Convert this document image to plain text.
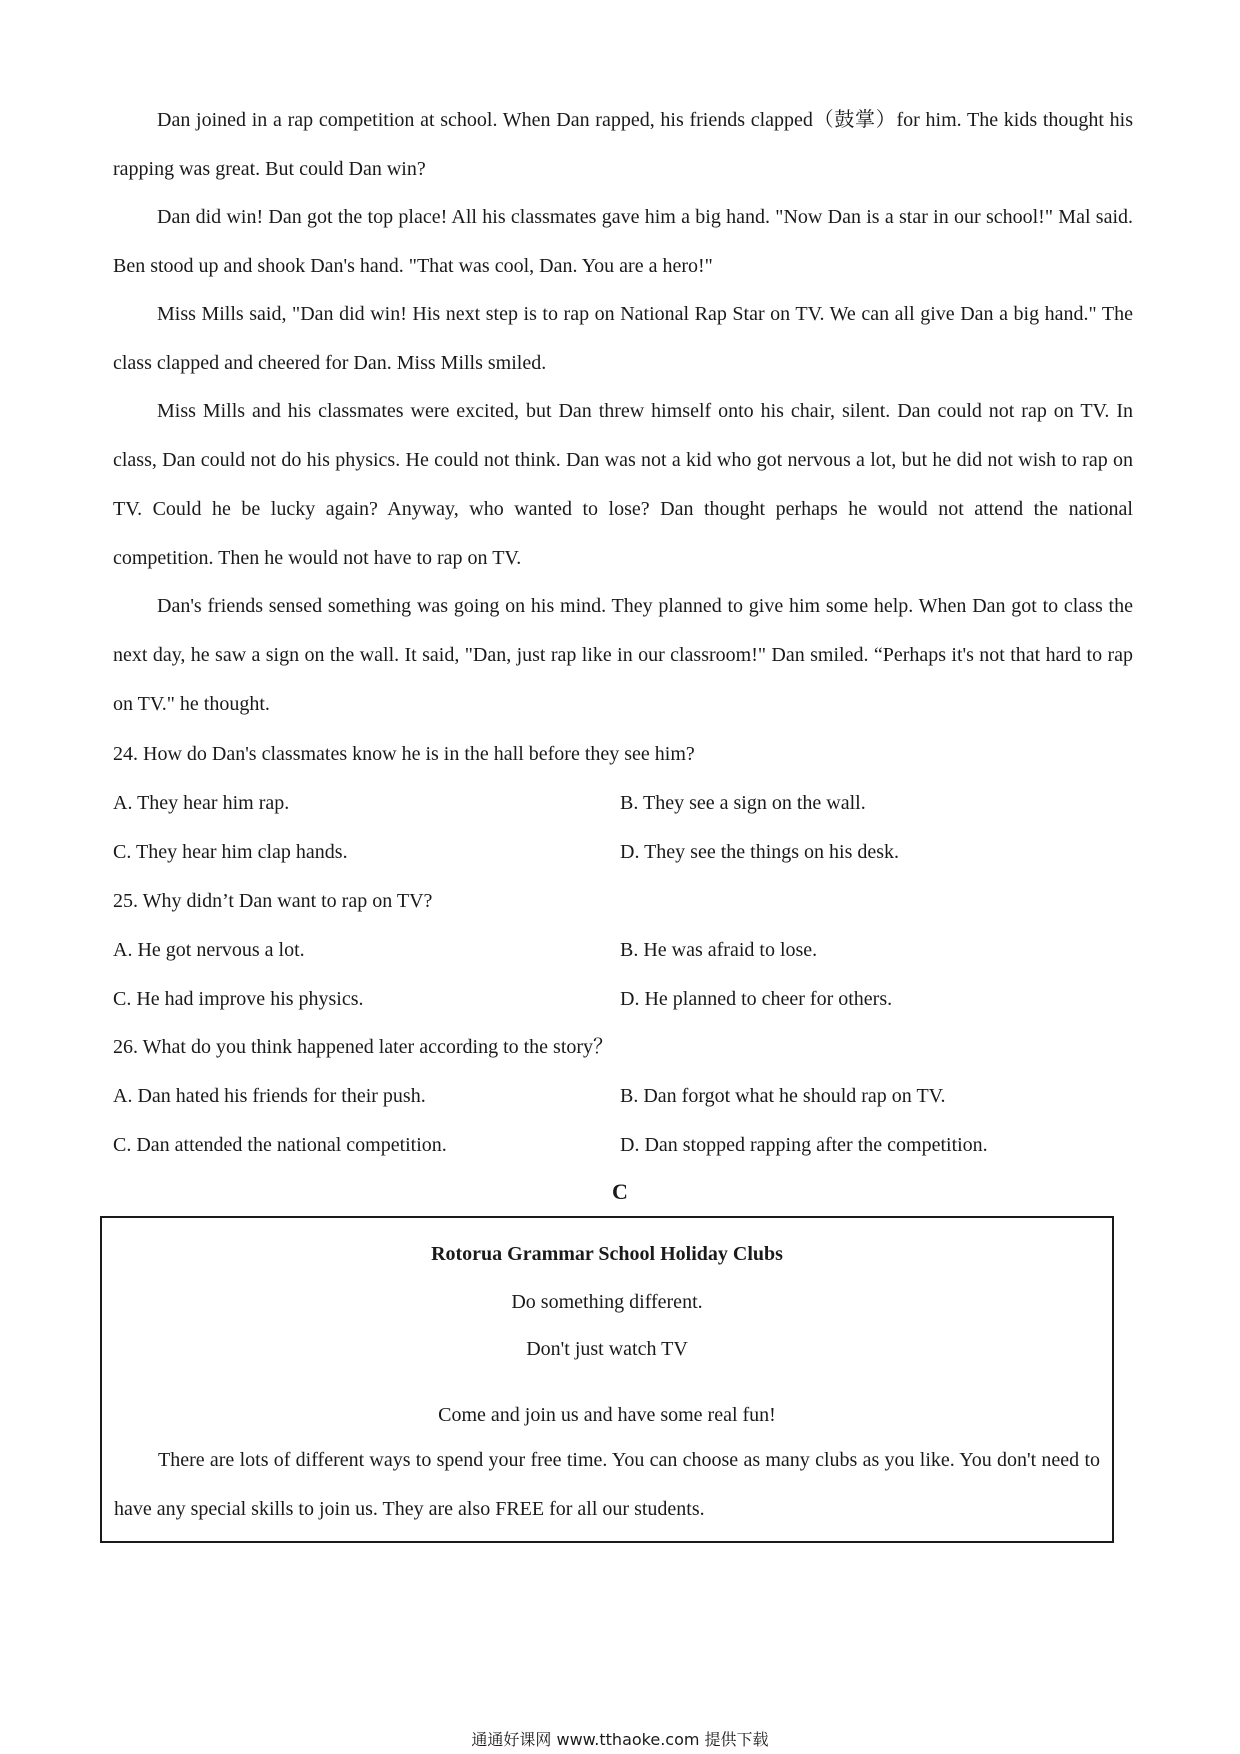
Dan joined in a rap competition at school. When Dan rapped, his friends clapped（鼓掌）for him. The kids thought his rapping was great. But could Dan win?

Dan did win! Dan got the top place! All his classmates gave him a big hand. "Now Dan is a star in our school!" Mal said. Ben stood up and shook Dan's hand. "That was cool, Dan. You are a hero!"

Miss Mills said, "Dan did win! His next step is to rap on National Rap Star on TV. We can all give Dan a big hand." The class clapped and cheered for Dan. Miss Mills smiled.

Miss Mills and his classmates were excited, but Dan threw himself onto his chair, silent. Dan could not rap on TV. In class, Dan could not do his physics. He could not think. Dan was not a kid who got nervous a lot, but he did not wish to rap on TV. Could he be lucky again? Anyway, who wanted to lose? Dan thought perhaps he would not attend the national competition. Then he would not have to rap on TV.

Dan's friends sensed something was going on his mind. They planned to give him some help. When Dan got to class the next day, he saw a sign on the wall. It said, "Dan, just rap like in our classroom!" Dan smiled. “Perhaps it's not that hard to rap on TV." he thought.

24. How do Dan's classmates know he is in the hall before they see him?

A. They hear him rap.	B. They see a sign on the wall.

C. They hear him clap hands.	D. They see the things on his desk.

25. Why didn’t Dan want to rap on TV?

A. He got nervous a lot.	B. He was afraid to lose.

C. He had improve his physics.	D. He planned to cheer for others.

26. What do you think happened later according to the story？

A. Dan hated his friends for their push.	B. Dan forgot what he should rap on TV.

C. Dan attended the national competition.	D. Dan stopped rapping after the competition.

C

Rotorua Grammar School Holiday Clubs

Do something different.

Don't just watch TV

Come and join us and have some real fun!

There are lots of different ways to spend your free time. You can choose as many clubs as you like. You don't need to have any special skills to join us. They are also FREE for all our students.

通通好课网 www.tthaoke.com 提供下载
